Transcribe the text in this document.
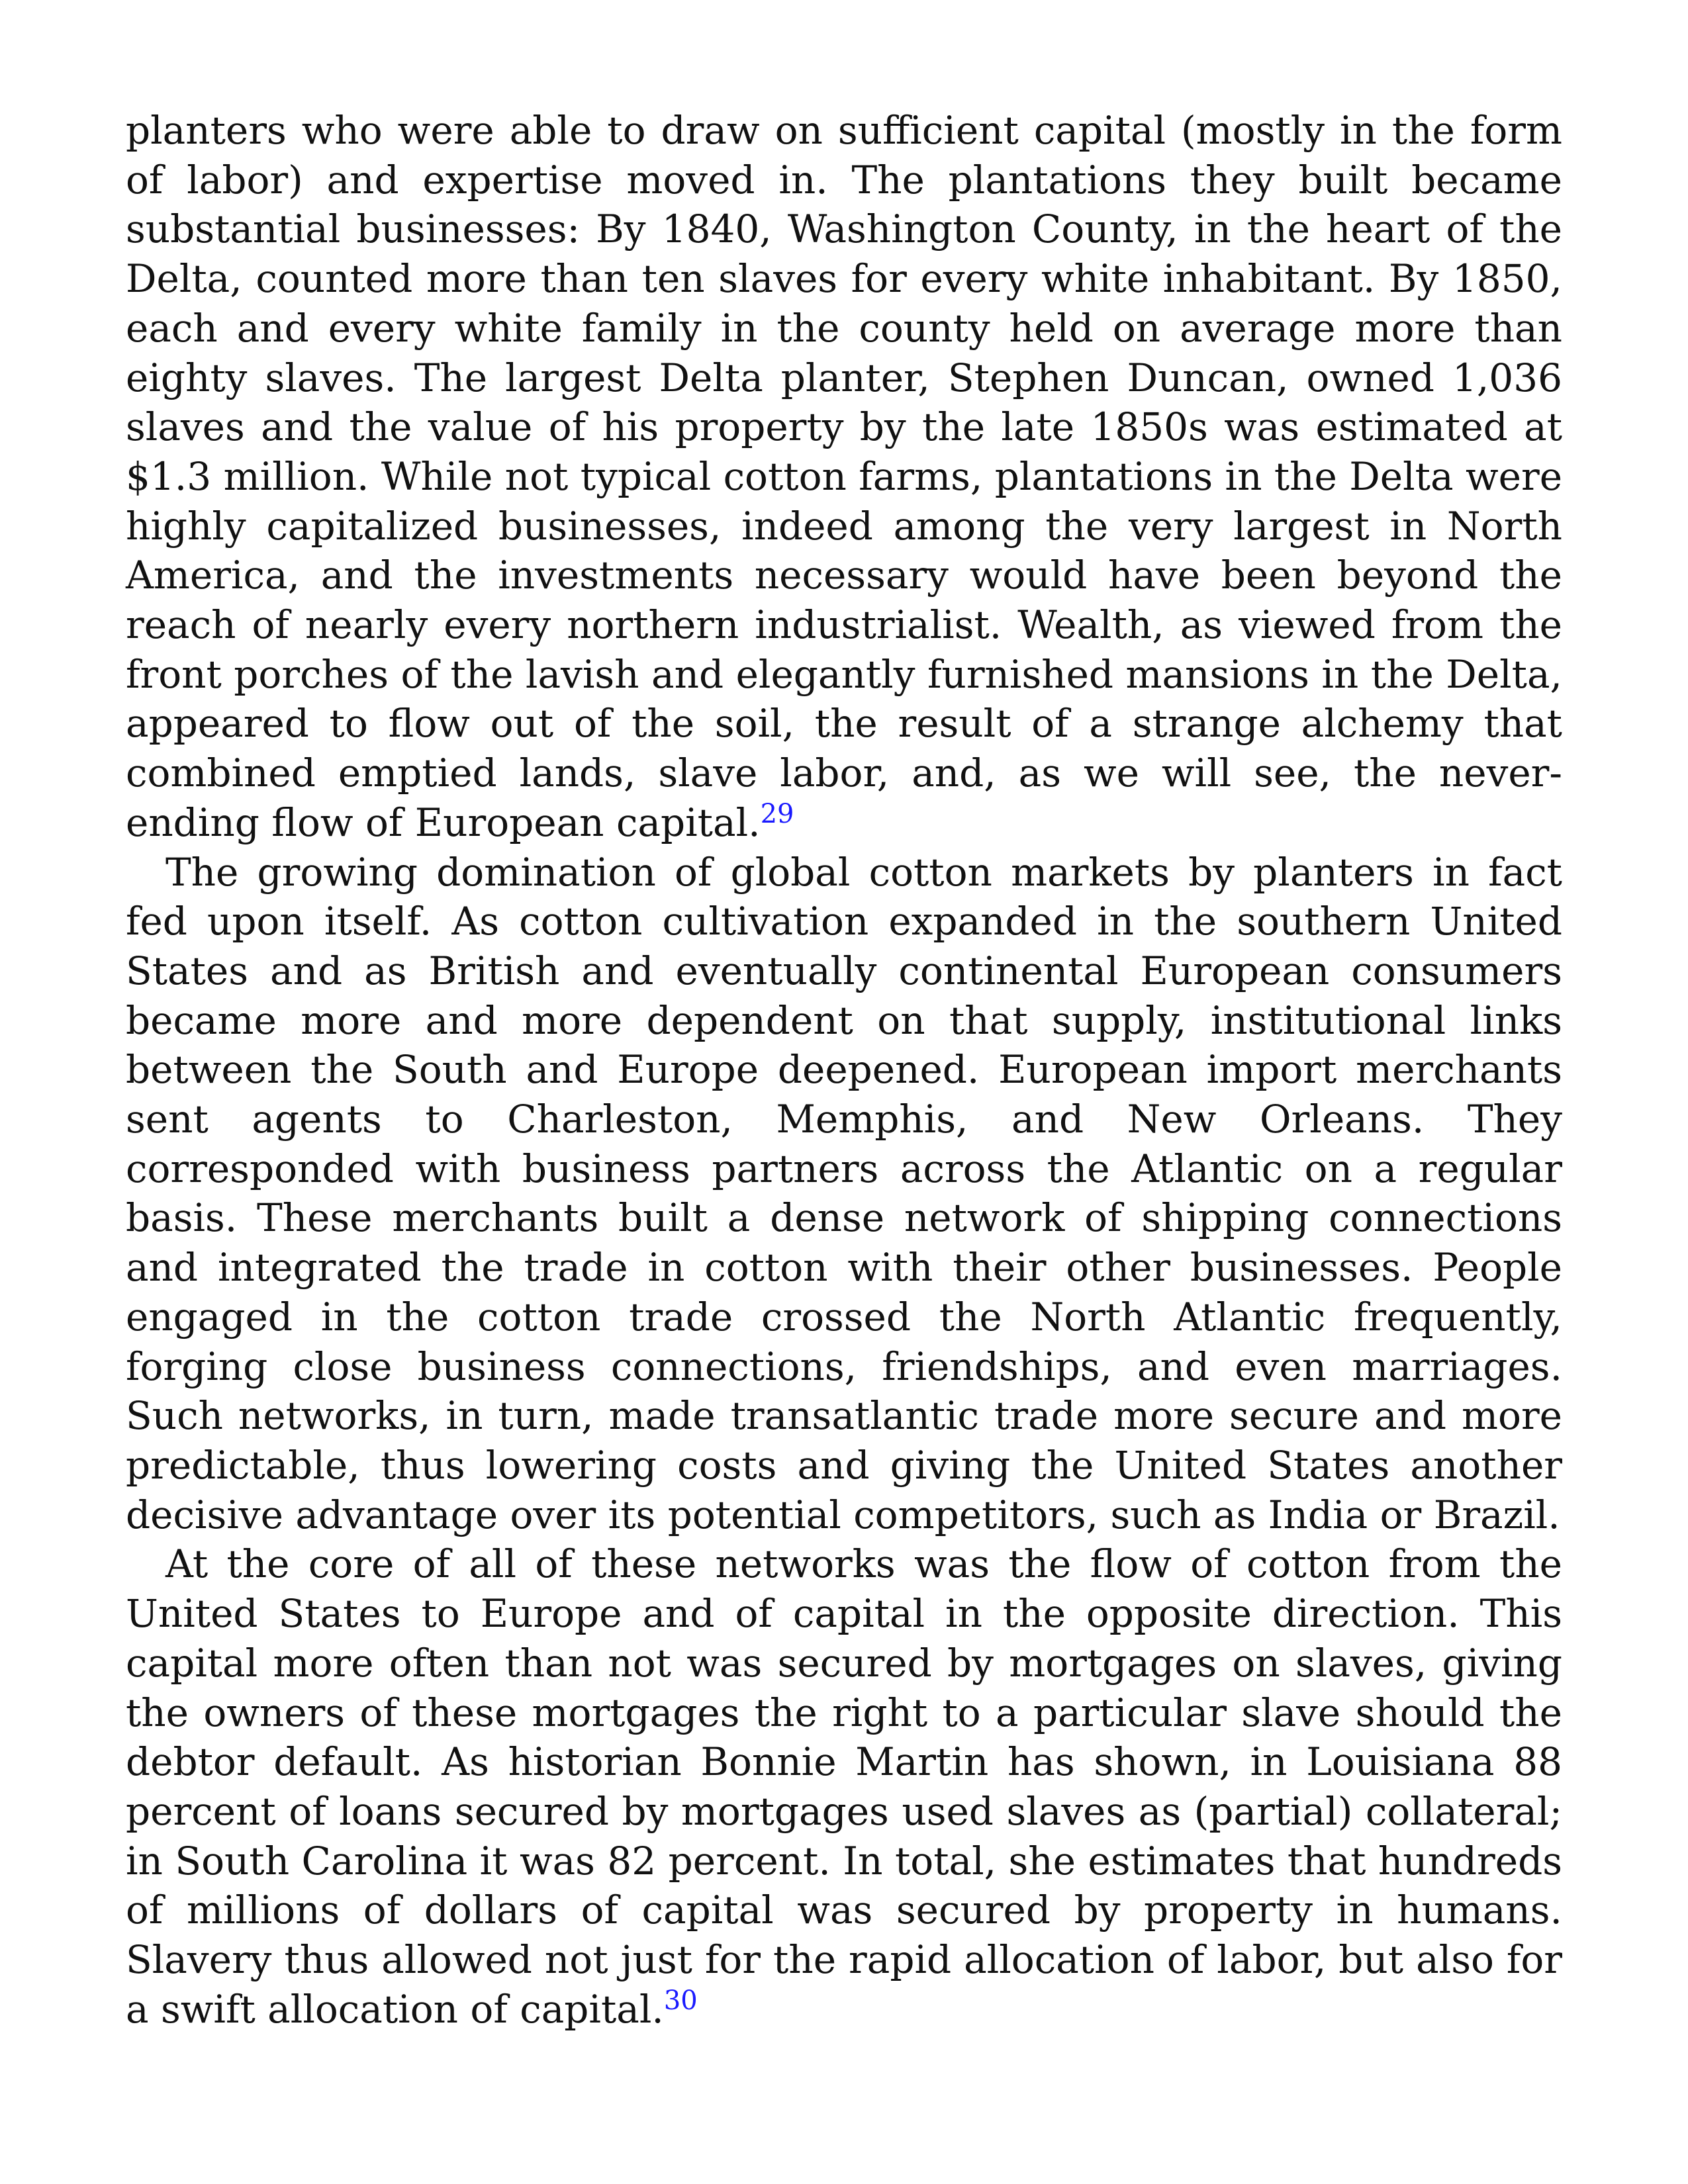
planters who were able to draw on sufficient capital (mostly in the form of labor) and expertise moved in. The plantations they built became substantial businesses: By 1840, Washington County, in the heart of the Delta, counted more than ten slaves for every white inhabitant. By 1850, each and every white family in the county held on average more than eighty slaves. The largest Delta planter, Stephen Duncan, owned 1,036 slaves and the value of his property by the late 1850s was estimated at $1.3 million. While not typical cotton farms, plantations in the Delta were highly capitalized businesses, indeed among the very largest in North America, and the investments necessary would have been beyond the reach of nearly every northern industrialist. Wealth, as viewed from the front porches of the lavish and elegantly furnished mansions in the Delta, appeared to flow out of the soil, the result of a strange alchemy that combined emptied lands, slave labor, and, as we will see, the never-ending flow of European capital.$^{29}$

The growing domination of global cotton markets by planters in fact fed upon itself. As cotton cultivation expanded in the southern United States and as British and eventually continental European consumers became more and more dependent on that supply, institutional links between the South and Europe deepened. European import merchants sent agents to Charleston, Memphis, and New Orleans. They corresponded with business partners across the Atlantic on a regular basis. These merchants built a dense network of shipping connections and integrated the trade in cotton with their other businesses. People engaged in the cotton trade crossed the North Atlantic frequently, forging close business connections, friendships, and even marriages. Such networks, in turn, made transatlantic trade more secure and more predictable, thus lowering costs and giving the United States another decisive advantage over its potential competitors, such as India or Brazil.

At the core of all of these networks was the flow of cotton from the United States to Europe and of capital in the opposite direction. This capital more often than not was secured by mortgages on slaves, giving the owners of these mortgages the right to a particular slave should the debtor default. As historian Bonnie Martin has shown, in Louisiana 88 percent of loans secured by mortgages used slaves as (partial) collateral; in South Carolina it was 82 percent. In total, she estimates that hundreds of millions of dollars of capital was secured by property in humans. Slavery thus allowed not just for the rapid allocation of labor, but also for a swift allocation of capital.$^{30}$
